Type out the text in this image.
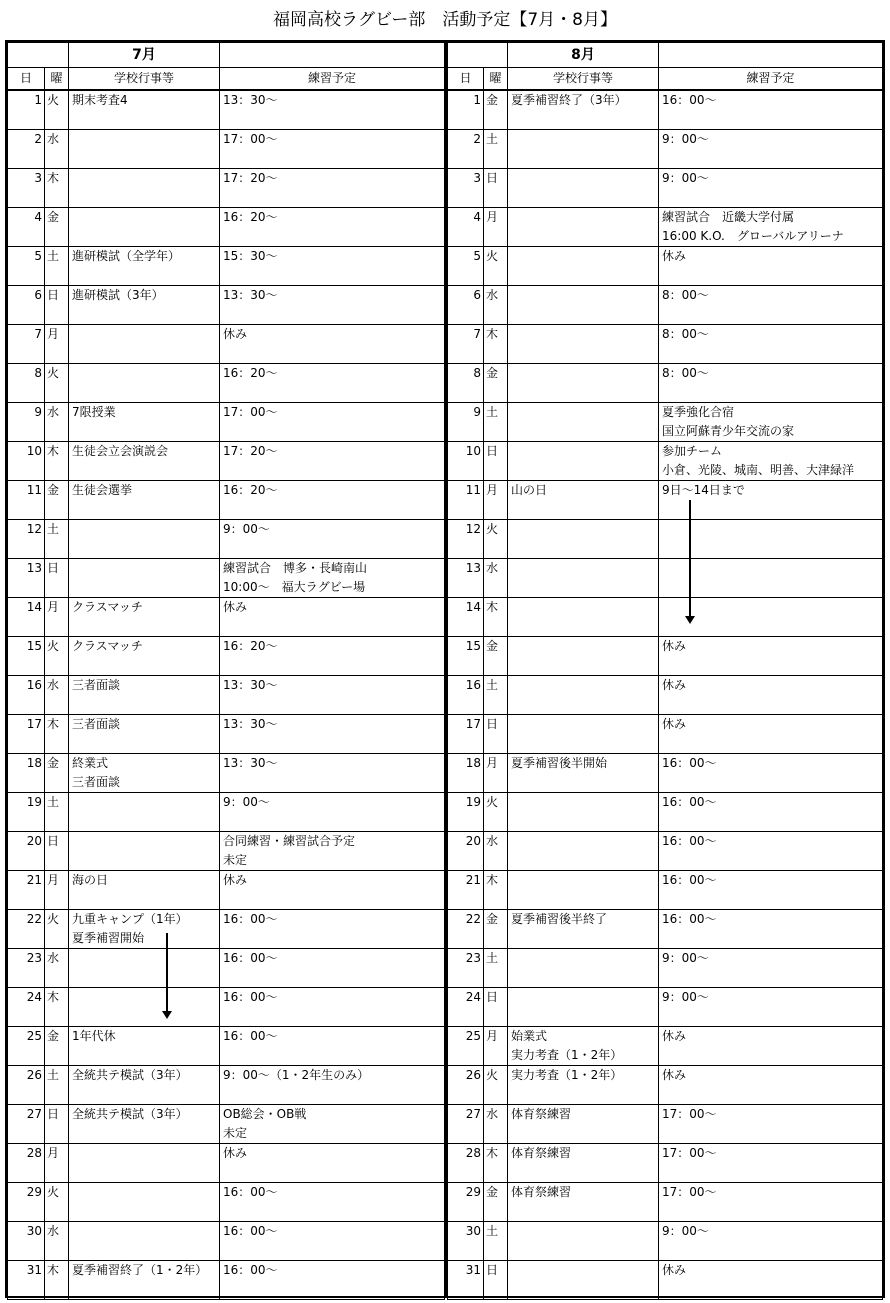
福岡高校ラグビー部　活動予定【7月・8月】
		7月	
日	曜	学校行事等	練習予定
1	火	期末考査4	13：30～

2	水		17：00～

3	木		17：20～

4	金		16：20～

5	土	進研模試（全学年）	15：30～

6	日	進研模試（3年）	13：30～

7	月		休み

8	火		16：20～

9	水	7限授業	17：00～

10	木	生徒会立会演説会	17：20～

11	金	生徒会選挙	16：20～

12	土		9：00～

13	日		練習試合　博多・長崎南山
10:00～　福大ラグビー場

14	月	クラスマッチ	休み

15	火	クラスマッチ	16：20～

16	水	三者面談	13：30～

17	木	三者面談	13：30～

18	金	終業式
三者面談	13：30～

19	土		9：00～

20	日		合同練習・練習試合予定
未定

21	月	海の日	休み

22	火	九重キャンプ（1年）
夏季補習開始	16：00～

23	水		16：00～

24	木		16：00～

25	金	1年代休	16：00～

26	土	全統共テ模試（3年）	9：00～（1・2年生のみ）

27	日	全統共テ模試（3年）	OB総会・OB戦
未定

28	月		休み

29	火		16：00～

30	水		16：00～

31	木	夏季補習終了（1・2年）	16：00～
		8月	
日	曜	学校行事等	練習予定
1	金	夏季補習終了（3年）	16：00～

2	土		9：00～

3	日		9：00～

4	月		練習試合　近畿大学付属
16:00 K.O.　グローバルアリーナ

5	火		休み

6	水		8：00～

7	木		8：00～

8	金		8：00～

9	土		夏季強化合宿
国立阿蘇青少年交流の家

10	日		参加チーム
小倉、光陵、城南、明善、大津緑洋

11	月	山の日	9日～14日まで

12	火		
13	水		
14	木		
15	金		休み

16	土		休み

17	日		休み

18	月	夏季補習後半開始	16：00～

19	火		16：00～

20	水		16：00～

21	木		16：00～

22	金	夏季補習後半終了	16：00～

23	土		9：00～

24	日		9：00～

25	月	始業式
実力考査（1・2年）	休み

26	火	実力考査（1・2年）	休み

27	水	体育祭練習	17：00～

28	木	体育祭練習	17：00～

29	金	体育祭練習	17：00～

30	土		9：00～

31	日		休み
